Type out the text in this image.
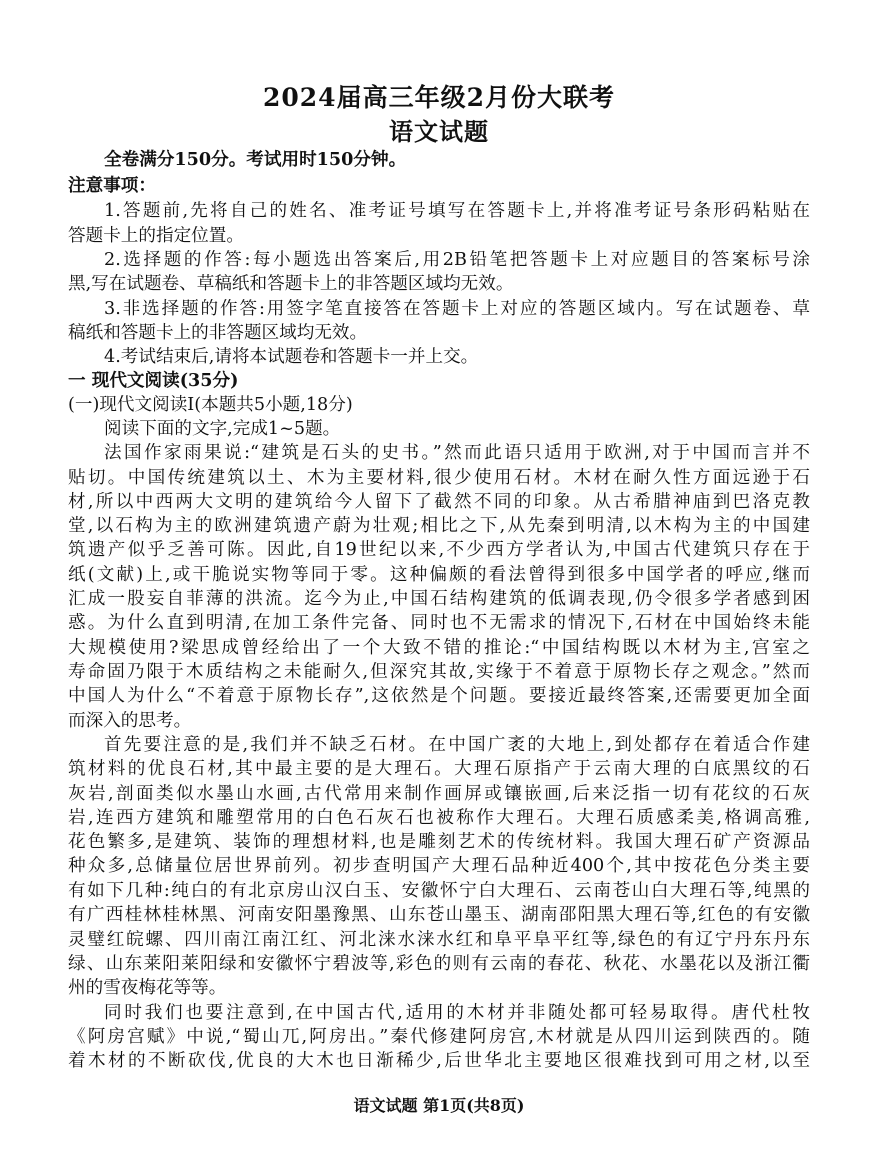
2024届高三年级2月份大联考
语文试题
全卷满分150分。考试用时150分钟。
注意事项：
1.答题前,先将自己的姓名、准考证号填写在答题卡上,并将准考证号条形码粘贴在
答题卡上的指定位置。
2.选择题的作答:每小题选出答案后,用2B铅笔把答题卡上对应题目的答案标号涂
黑,写在试题卷、草稿纸和答题卡上的非答题区域均无效。
3.非选择题的作答:用签字笔直接答在答题卡上对应的答题区域内。写在试题卷、草
稿纸和答题卡上的非答题区域均无效。
4.考试结束后,请将本试题卷和答题卡一并上交。
一 现代文阅读(35分)
(一)现代文阅读Ⅰ(本题共5小题,18分)
阅读下面的文字,完成1~5题。
法国作家雨果说:“建筑是石头的史书。”然而此语只适用于欧洲,对于中国而言并不
贴切。中国传统建筑以土、木为主要材料,很少使用石材。木材在耐久性方面远逊于石
材,所以中西两大文明的建筑给今人留下了截然不同的印象。从古希腊神庙到巴洛克教
堂,以石构为主的欧洲建筑遗产蔚为壮观;相比之下,从先秦到明清,以木构为主的中国建
筑遗产似乎乏善可陈。因此,自19世纪以来,不少西方学者认为,中国古代建筑只存在于
纸(文献)上,或干脆说实物等同于零。这种偏颇的看法曾得到很多中国学者的呼应,继而
汇成一股妄自菲薄的洪流。迄今为止,中国石结构建筑的低调表现,仍令很多学者感到困
惑。为什么直到明清,在加工条件完备、同时也不无需求的情况下,石材在中国始终未能
大规模使用?梁思成曾经给出了一个大致不错的推论:“中国结构既以木材为主,宫室之
寿命固乃限于木质结构之未能耐久,但深究其故,实缘于不着意于原物长存之观念。”然而
中国人为什么“不着意于原物长存”,这依然是个问题。要接近最终答案,还需要更加全面
而深入的思考。
首先要注意的是,我们并不缺乏石材。在中国广袤的大地上,到处都存在着适合作建
筑材料的优良石材,其中最主要的是大理石。大理石原指产于云南大理的白底黑纹的石
灰岩,剖面类似水墨山水画,古代常用来制作画屏或镶嵌画,后来泛指一切有花纹的石灰
岩,连西方建筑和雕塑常用的白色石灰石也被称作大理石。大理石质感柔美,格调高雅,
花色繁多,是建筑、装饰的理想材料,也是雕刻艺术的传统材料。我国大理石矿产资源品
种众多,总储量位居世界前列。初步查明国产大理石品种近400个,其中按花色分类主要
有如下几种:纯白的有北京房山汉白玉、安徽怀宁白大理石、云南苍山白大理石等,纯黑的
有广西桂林桂林黑、河南安阳墨豫黑、山东苍山墨玉、湖南邵阳黑大理石等,红色的有安徽
灵璧红皖螺、四川南江南江红、河北涞水涞水红和阜平阜平红等,绿色的有辽宁丹东丹东
绿、山东莱阳莱阳绿和安徽怀宁碧波等,彩色的则有云南的春花、秋花、水墨花以及浙江衢
州的雪夜梅花等等。
同时我们也要注意到,在中国古代,适用的木材并非随处都可轻易取得。唐代杜牧
《阿房宫赋》中说,“蜀山兀,阿房出。”秦代修建阿房宫,木材就是从四川运到陕西的。随
着木材的不断砍伐,优良的大木也日渐稀少,后世华北主要地区很难找到可用之材,以至
语文试题 第1页(共8页)
